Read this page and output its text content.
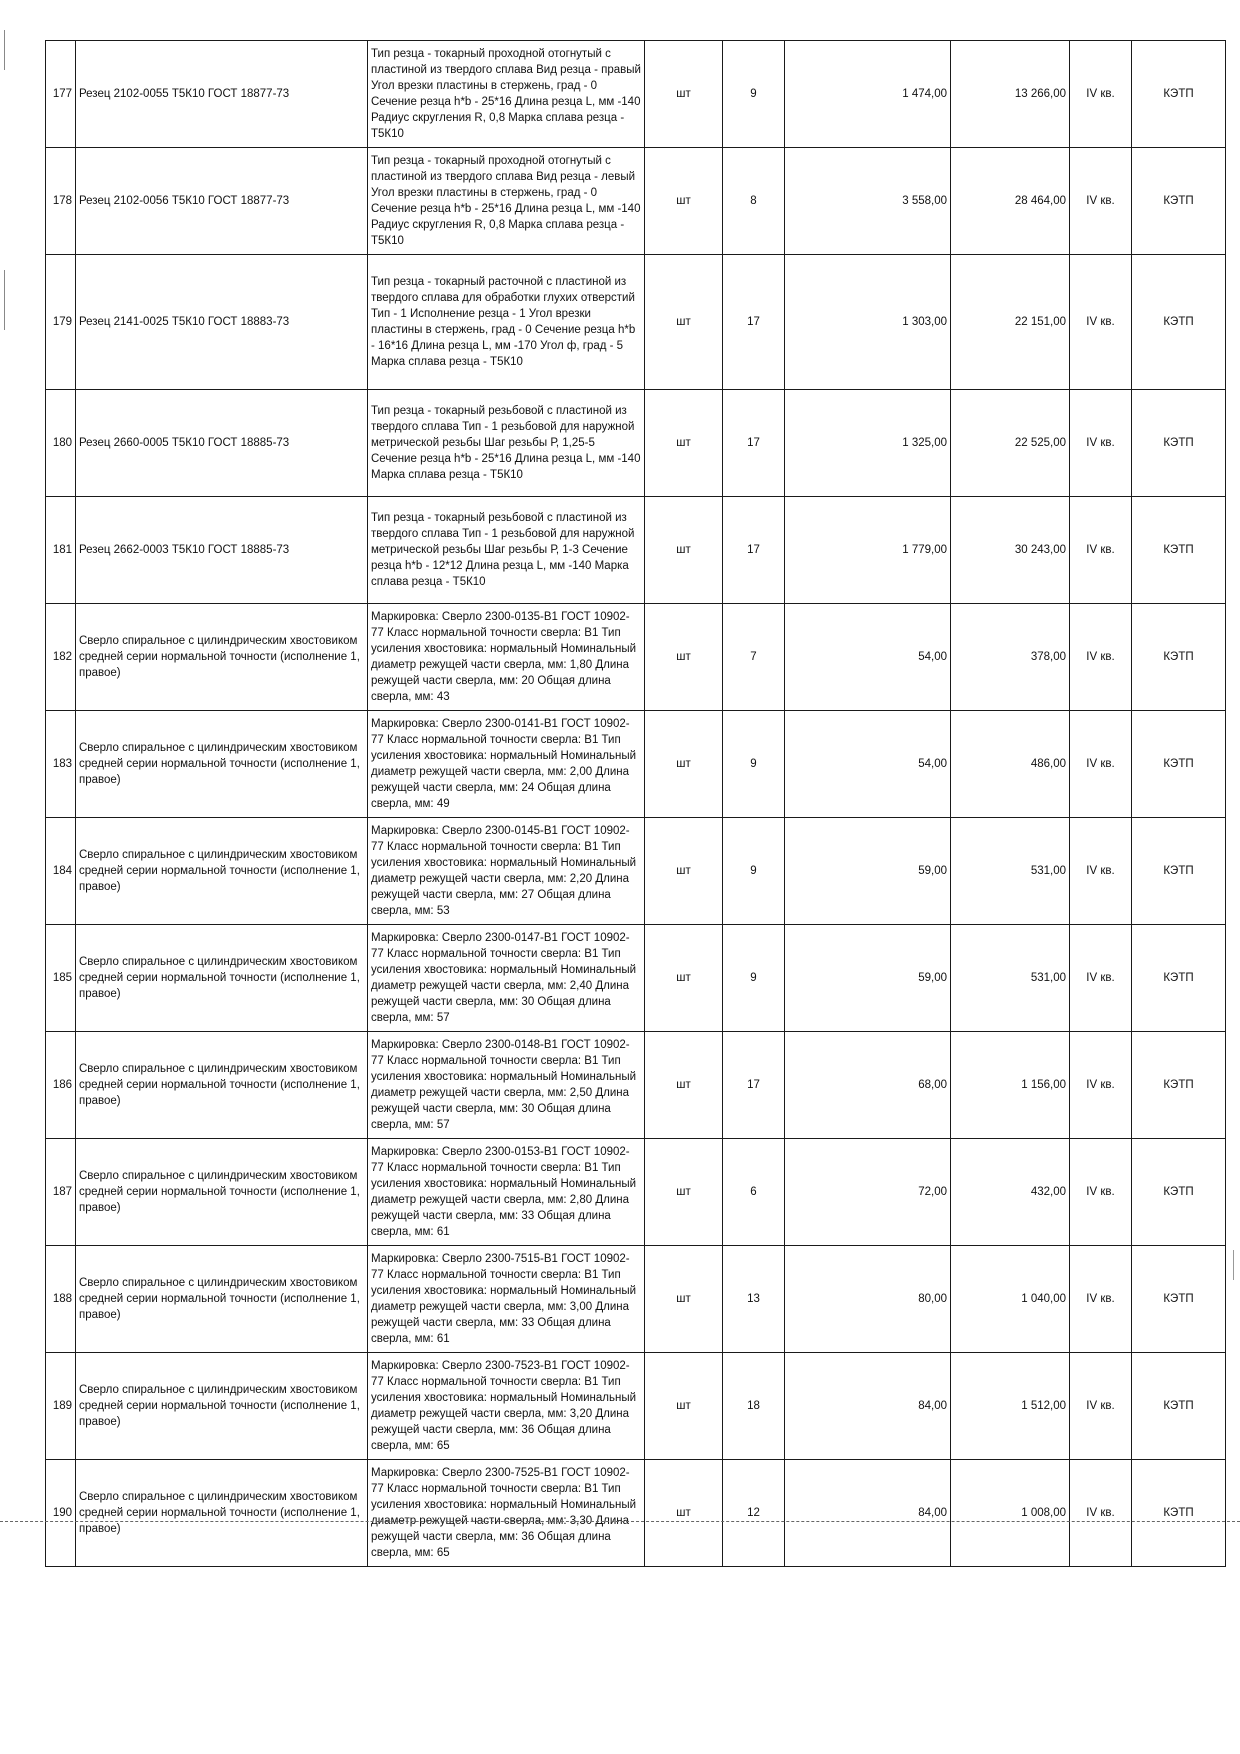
177	Резец 2102-0055 Т5К10 ГОСТ 18877-73	Тип резца - токарный проходной отогнутый с пластиной из твердого сплава Вид резца - правый Угол врезки пластины в стержень, град - 0 Сечение резца h*b - 25*16 Длина резца L, мм -140 Радиус скругления R, 0,8 Марка сплава резца - Т5К10	шт	9	1 474,00	13 266,00	IV кв.	КЭТП
178	Резец 2102-0056 Т5К10 ГОСТ 18877-73	Тип резца - токарный проходной отогнутый с пластиной из твердого сплава Вид резца - левый Угол врезки пластины в стержень, град - 0 Сечение резца h*b - 25*16 Длина резца L, мм -140 Радиус скругления R, 0,8 Марка сплава резца - Т5К10	шт	8	3 558,00	28 464,00	IV кв.	КЭТП
179	Резец 2141-0025 Т5К10 ГОСТ 18883-73	Тип резца - токарный расточной с пластиной из твердого сплава для обработки глухих отверстий Тип - 1 Исполнение резца - 1 Угол врезки пластины в стержень, град - 0 Сечение резца h*b - 16*16 Длина резца L, мм -170 Угол ф, град - 5 Марка сплава резца - Т5К10	шт	17	1 303,00	22 151,00	IV кв.	КЭТП
180	Резец 2660-0005 Т5К10 ГОСТ 18885-73	Тип резца - токарный резьбовой с пластиной из твердого сплава Тип - 1 резьбовой для наружной метрической резьбы Шаг резьбы Р, 1,25-5 Сечение резца h*b - 25*16 Длина резца L, мм -140 Марка сплава резца - Т5К10	шт	17	1 325,00	22 525,00	IV кв.	КЭТП
181	Резец 2662-0003 Т5К10 ГОСТ 18885-73	Тип резца - токарный резьбовой с пластиной из твердого сплава Тип - 1 резьбовой для наружной метрической резьбы Шаг резьбы Р, 1-3 Сечение резца h*b - 12*12 Длина резца L, мм -140 Марка сплава резца - Т5К10	шт	17	1 779,00	30 243,00	IV кв.	КЭТП
182	Сверло спиральное с цилиндрическим хвостовиком средней серии нормальной точности (исполнение 1, правое)	Маркировка: Сверло 2300-0135-В1 ГОСТ 10902-77 Класс нормальной точности сверла: В1 Тип усиления хвостовика: нормальный Номинальный диаметр режущей части сверла, мм: 1,80 Длина режущей части сверла, мм: 20 Общая длина сверла, мм: 43	шт	7	54,00	378,00	IV кв.	КЭТП
183	Сверло спиральное с цилиндрическим хвостовиком средней серии нормальной точности (исполнение 1, правое)	Маркировка: Сверло 2300-0141-В1 ГОСТ 10902-77 Класс нормальной точности сверла: В1 Тип усиления хвостовика: нормальный Номинальный диаметр режущей части сверла, мм: 2,00 Длина режущей части сверла, мм: 24 Общая длина сверла, мм: 49	шт	9	54,00	486,00	IV кв.	КЭТП
184	Сверло спиральное с цилиндрическим хвостовиком средней серии нормальной точности (исполнение 1, правое)	Маркировка: Сверло 2300-0145-В1 ГОСТ 10902-77 Класс нормальной точности сверла: В1 Тип усиления хвостовика: нормальный Номинальный диаметр режущей части сверла, мм: 2,20 Длина режущей части сверла, мм: 27 Общая длина сверла, мм: 53	шт	9	59,00	531,00	IV кв.	КЭТП
185	Сверло спиральное с цилиндрическим хвостовиком средней серии нормальной точности (исполнение 1, правое)	Маркировка: Сверло 2300-0147-В1 ГОСТ 10902-77 Класс нормальной точности сверла: В1 Тип усиления хвостовика: нормальный Номинальный диаметр режущей части сверла, мм: 2,40 Длина режущей части сверла, мм: 30 Общая длина сверла, мм: 57	шт	9	59,00	531,00	IV кв.	КЭТП
186	Сверло спиральное с цилиндрическим хвостовиком средней серии нормальной точности (исполнение 1, правое)	Маркировка: Сверло 2300-0148-В1 ГОСТ 10902-77 Класс нормальной точности сверла: В1 Тип усиления хвостовика: нормальный Номинальный диаметр режущей части сверла, мм: 2,50 Длина режущей части сверла, мм: 30 Общая длина сверла, мм: 57	шт	17	68,00	1 156,00	IV кв.	КЭТП
187	Сверло спиральное с цилиндрическим хвостовиком средней серии нормальной точности (исполнение 1, правое)	Маркировка: Сверло 2300-0153-В1 ГОСТ 10902-77 Класс нормальной точности сверла: В1 Тип усиления хвостовика: нормальный Номинальный диаметр режущей части сверла, мм: 2,80 Длина режущей части сверла, мм: 33 Общая длина сверла, мм: 61	шт	6	72,00	432,00	IV кв.	КЭТП
188	Сверло спиральное с цилиндрическим хвостовиком средней серии нормальной точности (исполнение 1, правое)	Маркировка: Сверло 2300-7515-В1 ГОСТ 10902-77 Класс нормальной точности сверла: В1 Тип усиления хвостовика: нормальный Номинальный диаметр режущей части сверла, мм: 3,00 Длина режущей части сверла, мм: 33 Общая длина сверла, мм: 61	шт	13	80,00	1 040,00	IV кв.	КЭТП
189	Сверло спиральное с цилиндрическим хвостовиком средней серии нормальной точности (исполнение 1, правое)	Маркировка: Сверло 2300-7523-В1 ГОСТ 10902-77 Класс нормальной точности сверла: В1 Тип усиления хвостовика: нормальный Номинальный диаметр режущей части сверла, мм: 3,20 Длина режущей части сверла, мм: 36 Общая длина сверла, мм: 65	шт	18	84,00	1 512,00	IV кв.	КЭТП
190	Сверло спиральное с цилиндрическим хвостовиком средней серии нормальной точности (исполнение 1, правое)	Маркировка: Сверло 2300-7525-В1 ГОСТ 10902-77 Класс нормальной точности сверла: В1 Тип усиления хвостовика: нормальный Номинальный диаметр режущей части сверла, мм: 3,30 Длина режущей части сверла, мм: 36 Общая длина сверла, мм: 65	шт	12	84,00	1 008,00	IV кв.	КЭТП
